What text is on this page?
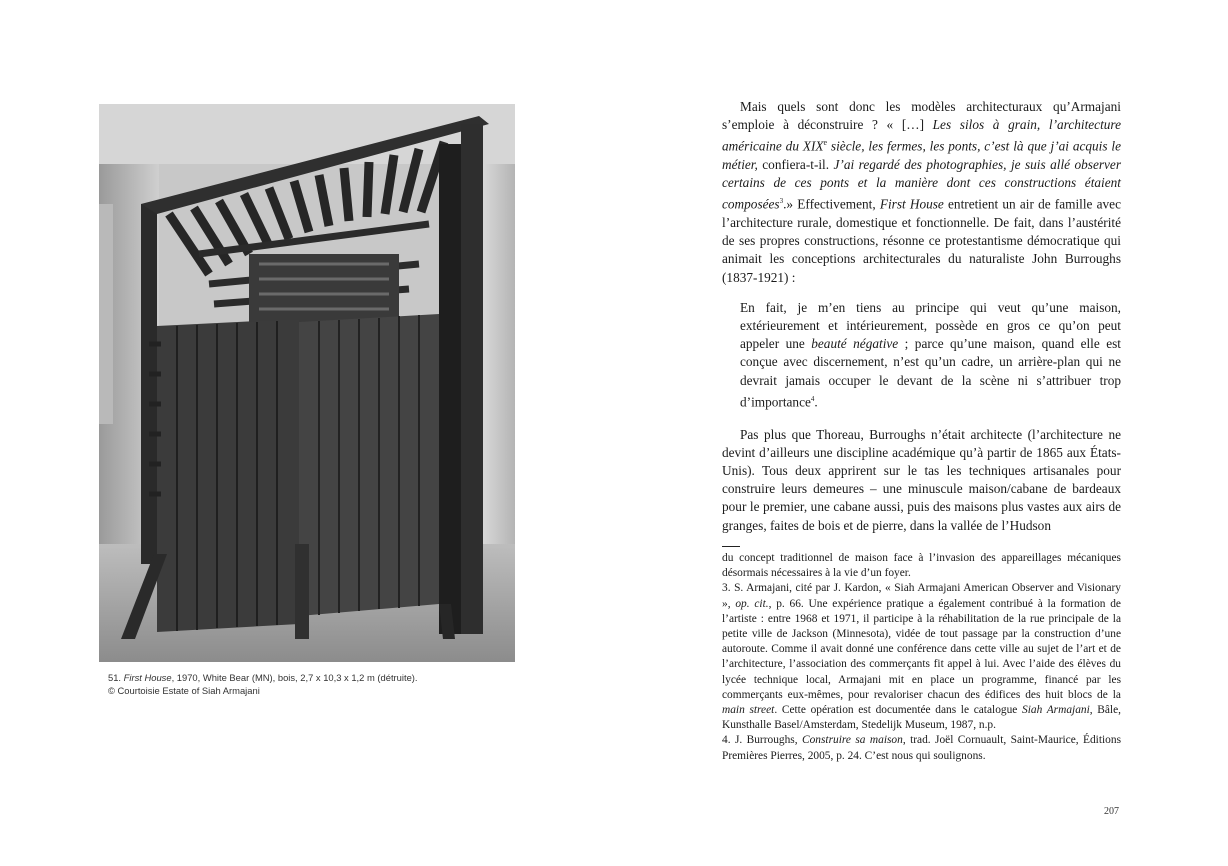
51. First House, 1970, White Bear (MN), bois, 2,7 x 10,3 x 1,2 m (détruite).
© Courtoisie Estate of Siah Armajani

Mais quels sont donc les modèles architecturaux qu’Armajani s’emploie à déconstruire ? « […] Les silos à grain, l’architecture américaine du XIXe siècle, les fermes, les ponts, c’est là que j’ai acquis le métier, confiera-t-il. J’ai regardé des photographies, je suis allé observer certains de ces ponts et la manière dont ces constructions étaient composées$^3$.» Effectivement, First House entretient un air de famille avec l’architecture rurale, domestique et fonctionnelle. De fait, dans l’austérité de ses propres constructions, résonne ce protestantisme démocratique qui animait les conceptions architecturales du naturaliste John Burroughs (1837-1921) :

En fait, je m’en tiens au principe qui veut qu’une maison, extérieurement et intérieurement, possède en gros ce qu’on peut appeler une beauté négative ; parce qu’une maison, quand elle est conçue avec discernement, n’est qu’un cadre, un arrière-plan qui ne devrait jamais occuper le devant de la scène ni s’attribuer trop d’importance$^4$.

Pas plus que Thoreau, Burroughs n’était architecte (l’architecture ne devint d’ailleurs une discipline académique qu’à partir de 1865 aux États-Unis). Tous deux apprirent sur le tas les techniques artisanales pour construire leurs demeures – une minuscule maison/cabane de bardeaux pour le premier, une cabane aussi, puis des maisons plus vastes aux airs de granges, faites de bois et de pierre, dans la vallée de l’Hudson

du concept traditionnel de maison face à l’invasion des appareillages mécaniques désormais nécessaires à la vie d’un foyer.

3. S. Armajani, cité par J. Kardon, « Siah Armajani American Observer and Visionary », op. cit., p. 66. Une expérience pratique a également contribué à la formation de l’artiste : entre 1968 et 1971, il participe à la réhabilitation de la rue principale de la petite ville de Jackson (Minnesota), vidée de tout passage par la construction d’une autoroute. Comme il avait donné une conférence dans cette ville au sujet de l’art et de l’architecture, l’association des commerçants fit appel à lui. Avec l’aide des élèves du lycée technique local, Armajani mit en place un programme, financé par les commerçants eux-mêmes, pour revaloriser chacun des édifices des huit blocs de la main street. Cette opération est documentée dans le catalogue Siah Armajani, Bâle, Kunsthalle Basel/Amsterdam, Stedelijk Museum, 1987, n.p.

4. J. Burroughs, Construire sa maison, trad. Joël Cornuault, Saint-Maurice, Éditions Premières Pierres, 2005, p. 24. C’est nous qui soulignons.

207
